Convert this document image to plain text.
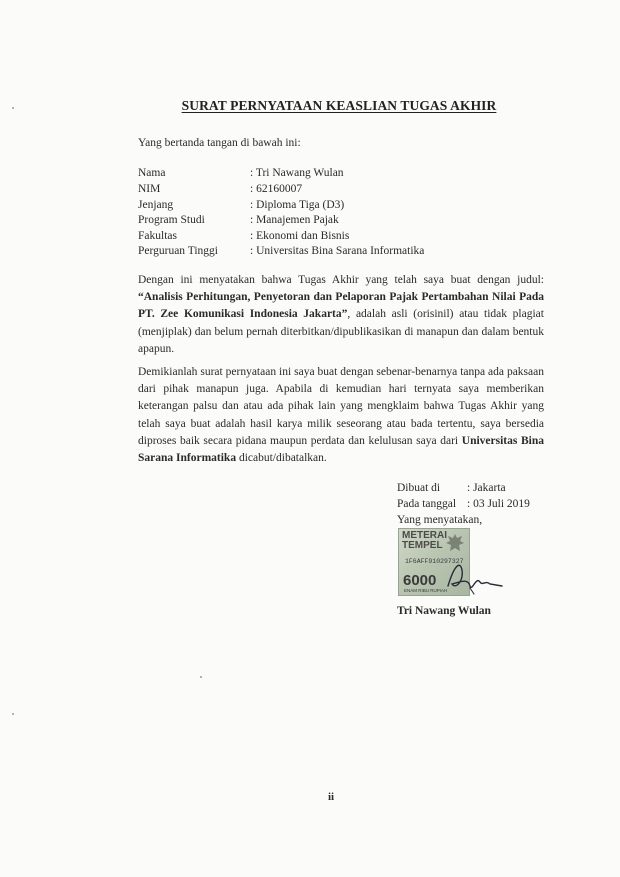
SURAT PERNYATAAN KEASLIAN TUGAS AKHIR
Yang bertanda tangan di bawah ini:
Nama	: Tri Nawang Wulan
NIM	: 62160007
Jenjang	: Diploma Tiga (D3)
Program Studi	: Manajemen Pajak
Fakultas	: Ekonomi dan Bisnis
Perguruan Tinggi	: Universitas Bina Sarana Informatika
Dengan ini menyatakan bahwa Tugas Akhir yang telah saya buat dengan judul: “Analisis Perhitungan, Penyetoran dan Pelaporan Pajak Pertambahan Nilai Pada PT. Zee Komunikasi Indonesia Jakarta”, adalah asli (orisinil) atau tidak plagiat (menjiplak) dan belum pernah diterbitkan/dipublikasikan di manapun dan dalam bentuk apapun.
Demikianlah surat pernyataan ini saya buat dengan sebenar-benarnya tanpa ada paksaan dari pihak manapun juga. Apabila di kemudian hari ternyata saya memberikan keterangan palsu dan atau ada pihak lain yang mengklaim bahwa Tugas Akhir yang telah saya buat adalah hasil karya milik seseorang atau bada tertentu, saya bersedia diproses baik secara pidana maupun perdata dan kelulusan saya dari Universitas Bina Sarana Informatika dicabut/dibatalkan.
Dibuat di : Jakarta
Pada tanggal : 03 Juli 2019
Yang menyatakan,
METERAI
TEMPEL
1F6AFF910297327
6000
ENAM RIBU RUPIAH
Tri Nawang Wulan
ii
